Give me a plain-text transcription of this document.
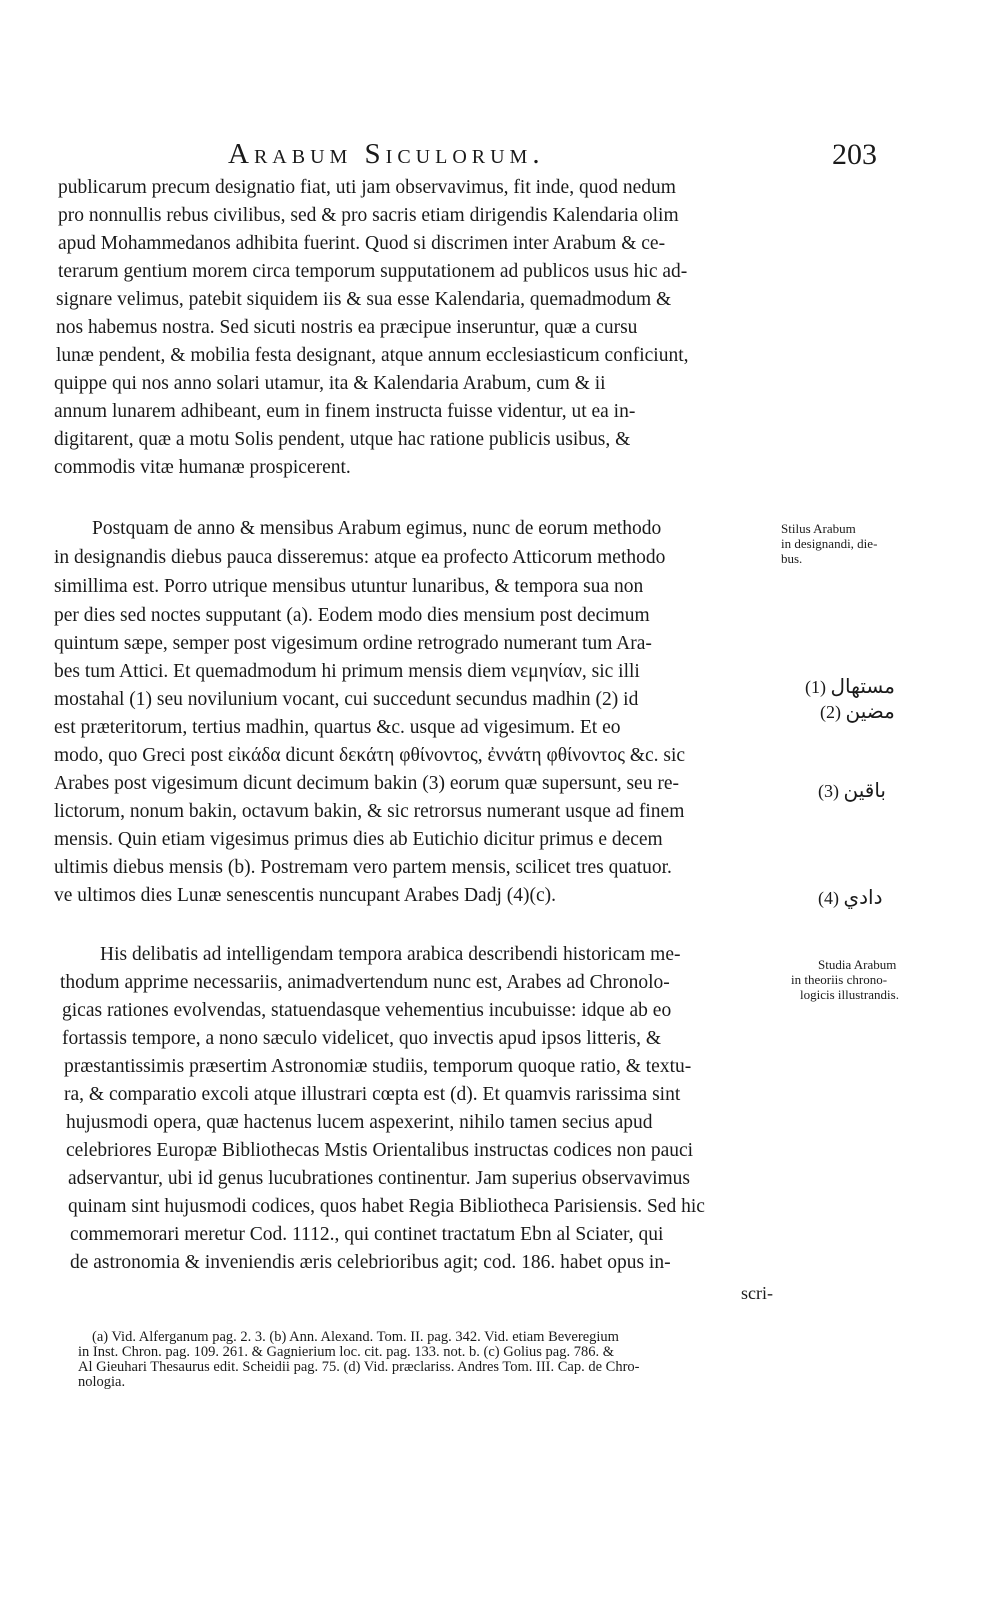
Arabum Siculorum.	203
publicarum precum designatio fiat, uti jam observavimus, fit inde, quod nedum
pro nonnullis rebus civilibus, sed & pro sacris etiam dirigendis Kalendaria olim
apud Mohammedanos adhibita fuerint. Quod si discrimen inter Arabum & ce-
terarum gentium morem circa temporum supputationem ad publicos usus hic ad-
signare velimus, patebit siquidem iis & sua esse Kalendaria, quemadmodum &
nos habemus nostra. Sed sicuti nostris ea præcipue inseruntur, quæ a cursu
lunæ pendent, & mobilia festa designant, atque annum ecclesiasticum conficiunt,
quippe qui nos anno solari utamur, ita & Kalendaria Arabum, cum & ii
annum lunarem adhibeant, eum in finem instructa fuisse videntur, ut ea in-
digitarent, quæ a motu Solis pendent, utque hac ratione publicis usibus, &
commodis vitæ humanæ prospicerent.
Postquam de anno & mensibus Arabum egimus, nunc de eorum methodo
in designandis diebus pauca disseremus: atque ea profecto Atticorum methodo
simillima est. Porro utrique mensibus utuntur lunaribus, & tempora sua non
per dies sed noctes supputant (a). Eodem modo dies mensium post decimum
quintum sæpe, semper post vigesimum ordine retrogrado numerant tum Ara-
bes tum Attici. Et quemadmodum hi primum mensis diem νεμηνίαν, sic illi
mostahal (1) seu novilunium vocant, cui succedunt secundus madhin (2) id
est præteritorum, tertius madhin, quartus &c. usque ad vigesimum. Et eo
modo, quo Greci post εἰκάδα dicunt δεκάτη φθίνοντος, ἐννάτη φθίνοντος &c. sic
Arabes post vigesimum dicunt decimum bakin (3) eorum quæ supersunt, seu re-
lictorum, nonum bakin, octavum bakin, & sic retrorsus numerant usque ad finem
mensis. Quin etiam vigesimus primus dies ab Eutichio dicitur primus e decem
ultimis diebus mensis (b). Postremam vero partem mensis, scilicet tres quatuor.
ve ultimos dies Lunæ senescentis nuncupant Arabes Dadj (4)(c).
His delibatis ad intelligendam tempora arabica describendi historicam me-
thodum apprime necessariis, animadvertendum nunc est, Arabes ad Chronolo-
gicas rationes evolvendas, statuendasque vehementius incubuisse: idque ab eo
fortassis tempore, a nono sæculo videlicet, quo invectis apud ipsos litteris, &
præstantissimis præsertim Astronomiæ studiis, temporum quoque ratio, & textu-
ra, & comparatio excoli atque illustrari cœpta est (d). Et quamvis rarissima sint
hujusmodi opera, quæ hactenus lucem aspexerint, nihilo tamen secius apud
celebriores Europæ Bibliothecas Mstis Orientalibus instructas codices non pauci
adservantur, ubi id genus lucubrationes continentur. Jam superius observavimus
quinam sint hujusmodi codices, quos habet Regia Bibliotheca Parisiensis. Sed hic
commemorari meretur Cod. 1112., qui continet tractatum Ebn al Sciater, qui
de astronomia & inveniendis æris celebrioribus agit; cod. 186. habet opus in-
scri-
Stilus Arabum
in designandi, die-
bus.
Studia Arabum
in theoriis chrono-
logicis illustrandis.
مستهال (1)
مضين (2)
باقين (3)
دادي (4)
(a) Vid. Alferganum pag. 2. 3. (b) Ann. Alexand. Tom. II. pag. 342. Vid. etiam Beveregium
in Inst. Chron. pag. 109. 261. & Gagnierium loc. cit. pag. 133. not. b. (c) Golius pag. 786. &
Al Gieuhari Thesaurus edit. Scheidii pag. 75. (d) Vid. præclariss. Andres Tom. III. Cap. de Chro-
nologia.
